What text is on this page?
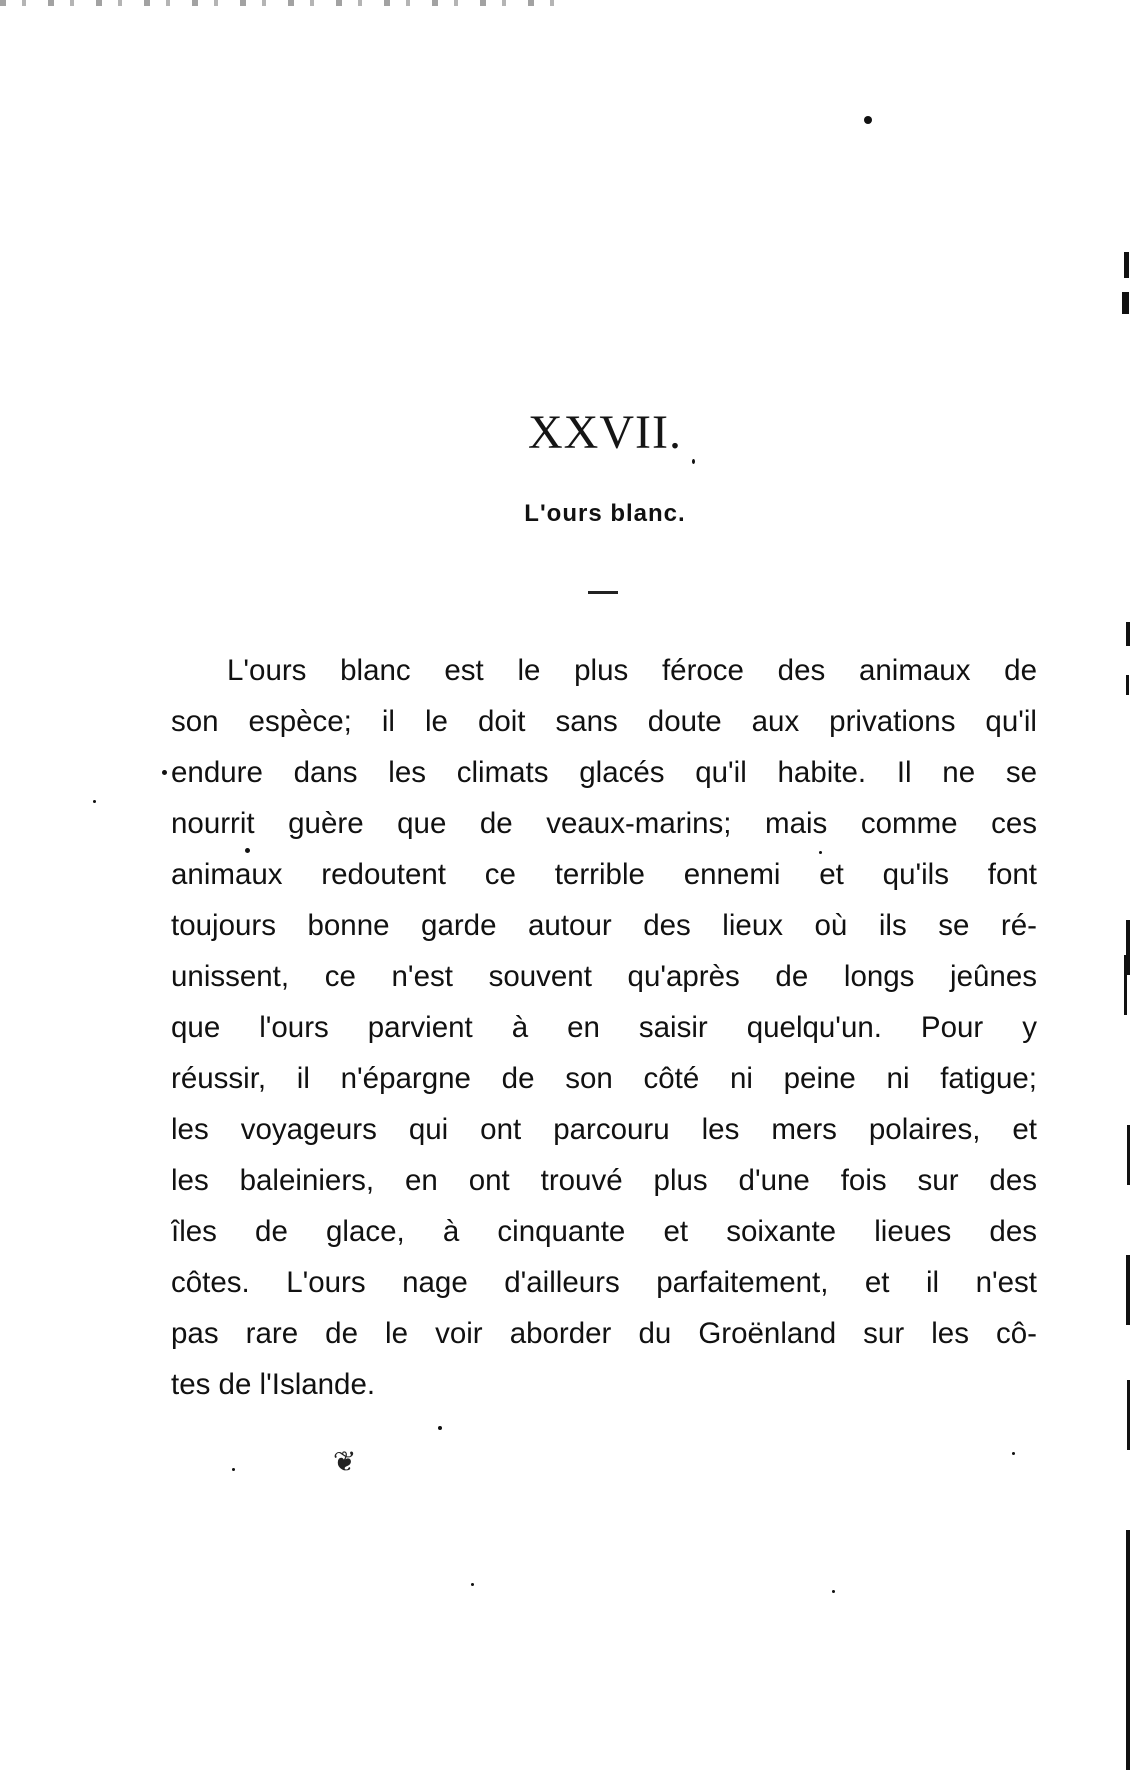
XXVII.
L'ours blanc.
L'ours blanc est le plus féroce des animaux de
son espèce; il le doit sans doute aux privations qu'il
endure dans les climats glacés qu'il habite. Il ne se
nourrit guère que de veaux-marins; mais comme ces
animaux redoutent ce terrible ennemi et qu'ils font
toujours bonne garde autour des lieux où ils se ré-
unissent, ce n'est souvent qu'après de longs jeûnes
que l'ours parvient à en saisir quelqu'un. Pour y
réussir, il n'épargne de son côté ni peine ni fatigue;
les voyageurs qui ont parcouru les mers polaires, et
les baleiniers, en ont trouvé plus d'une fois sur des
îles de glace, à cinquante et soixante lieues des
côtes. L'ours nage d'ailleurs parfaitement, et il n'est
pas rare de le voir aborder du Groënland sur les cô-
tes de l'Islande.
❦
